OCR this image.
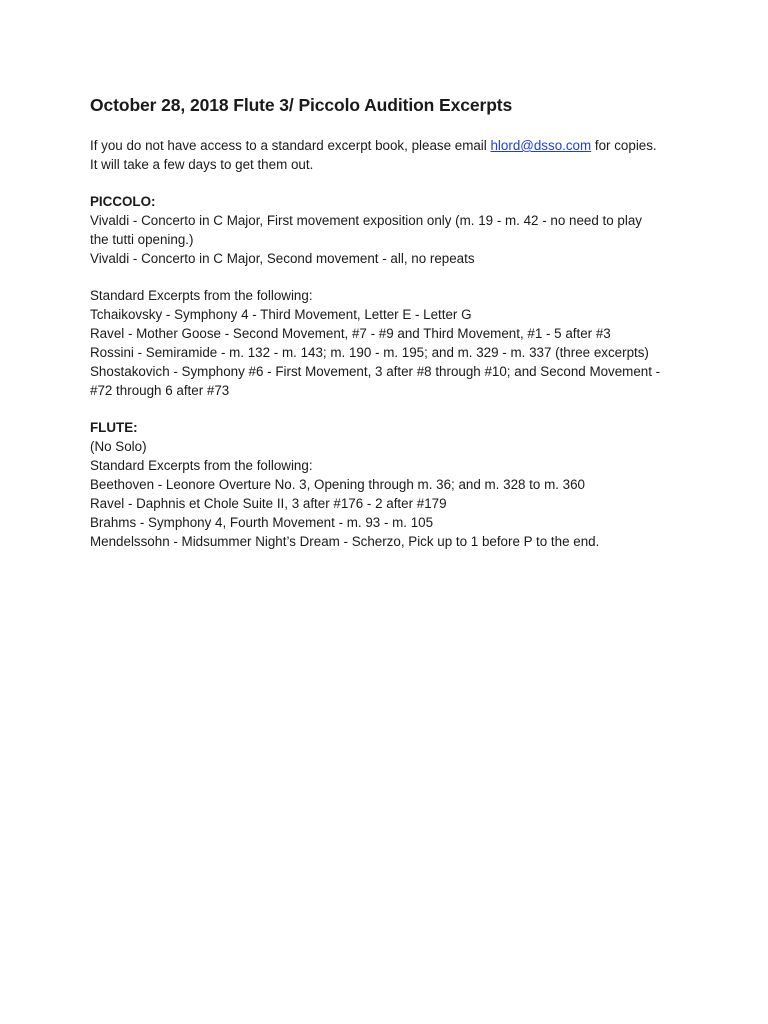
October 28, 2018 Flute 3/ Piccolo Audition Excerpts

If you do not have access to a standard excerpt book, please email hlord@dsso.com for copies.

It will take a few days to get them out.

PICCOLO:

Vivaldi - Concerto in C Major, First movement exposition only (m. 19 - m. 42 - no need to play

the tutti opening.)

Vivaldi - Concerto in C Major, Second movement - all, no repeats

Standard Excerpts from the following:

Tchaikovsky - Symphony 4 - Third Movement, Letter E - Letter G

Ravel - Mother Goose - Second Movement, #7 - #9 and Third Movement, #1 - 5 after #3

Rossini - Semiramide - m. 132 - m. 143; m. 190 - m. 195; and m. 329 - m. 337 (three excerpts)

Shostakovich - Symphony #6 - First Movement, 3 after #8 through #10; and Second Movement -

#72 through 6 after #73

FLUTE:

(No Solo)

Standard Excerpts from the following:

Beethoven - Leonore Overture No. 3, Opening through m. 36; and m. 328 to m. 360

Ravel - Daphnis et Chole Suite II, 3 after #176 - 2 after #179

Brahms - Symphony 4, Fourth Movement - m. 93 - m. 105

Mendelssohn - Midsummer Night’s Dream - Scherzo, Pick up to 1 before P to the end.
